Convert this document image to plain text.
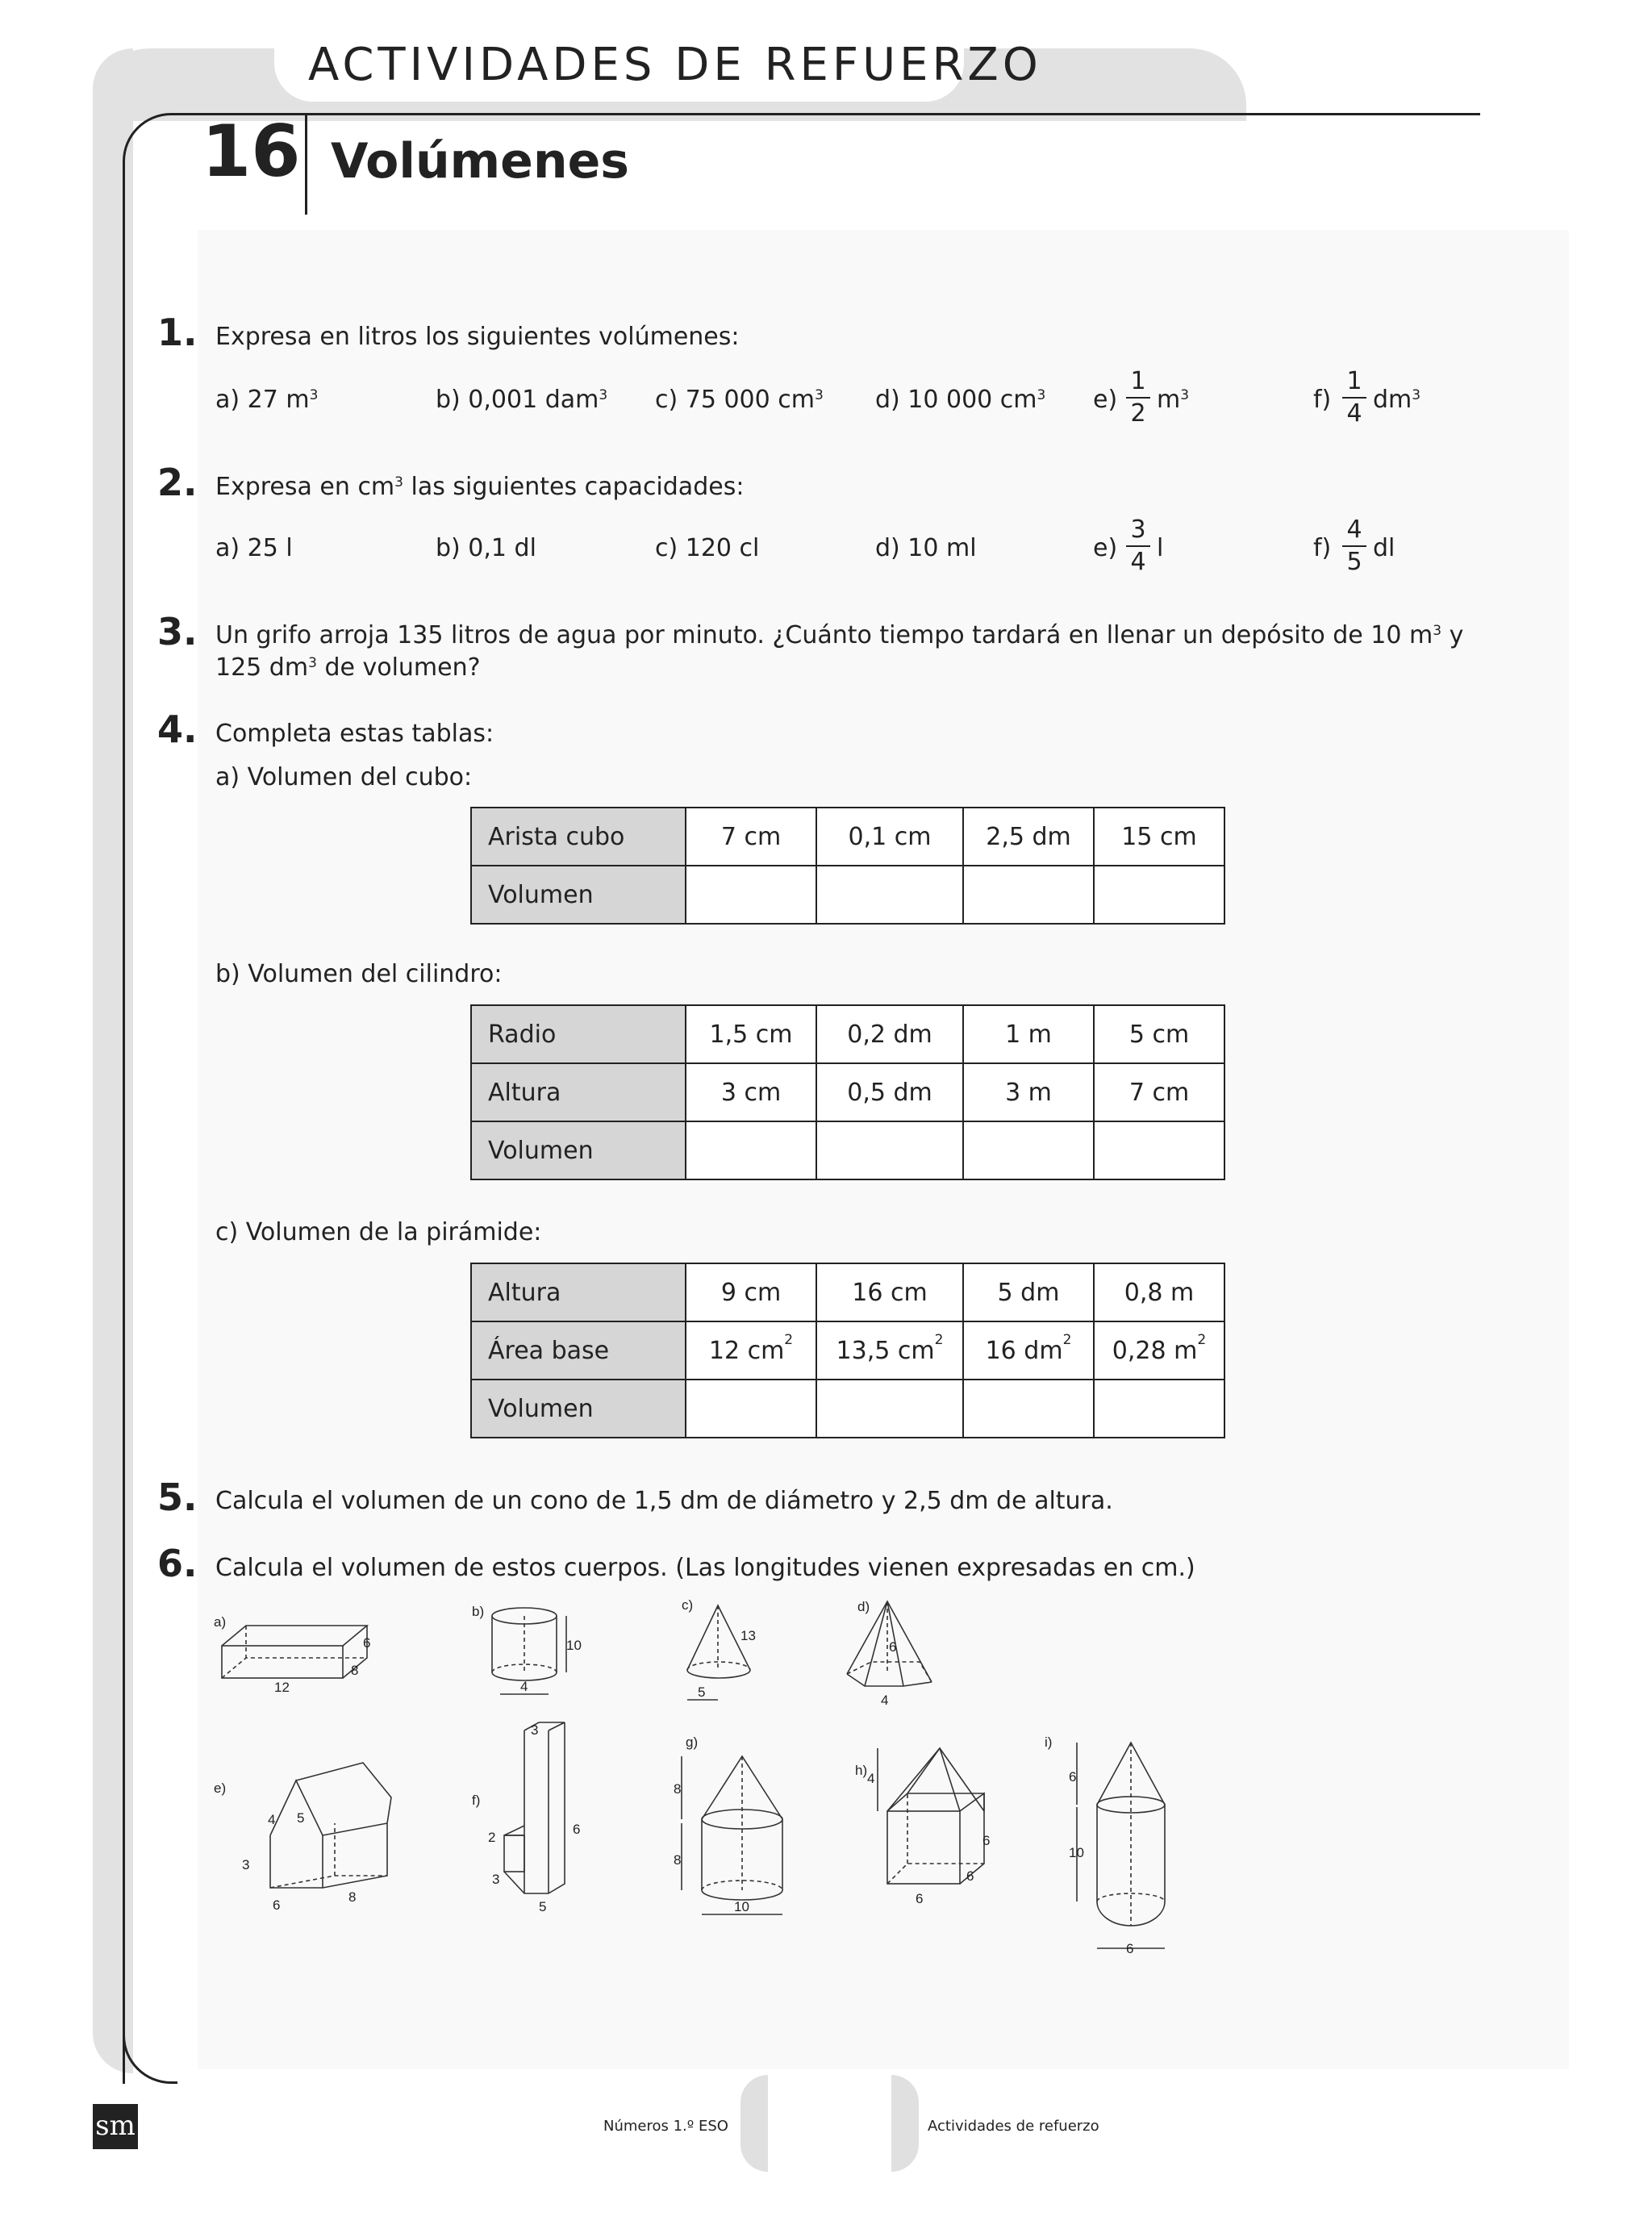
ACTIVIDADES DE REFUERZO
16 Volúmenes
1. Expresa en litros los siguientes volúmenes:
a) 27 $m^3$	b) 0,001 dam$^3$ c) 75 000 $cm^3$ d) 10 000 $cm^3$ $e) \frac{1}{2} m^3$	$f) \frac{1}{4} dm^3$
2. Expresa en $cm^3$ las siguientes capacidades:
a) 25 l	b) 0,1 dl	c) 120 cl	d) 10 ml	$e) \frac{3}{4}$ l	$f) \frac{4}{5}$ dl
3. Un grifo arroja 135 litros de agua por minuto. ¿Cuánto tiempo tardará en llenar un depósito de 10 $m^3$ y
125 $dm^3$ de volumen?
4. Completa estas tablas:
a) Volumen del cubo:
Arista cubo	7 cm	0,1 cm	2,5 dm	15 cm
Volumen				
b) Volumen del cilindro:
Radio	1,5 cm	0,2 dm	1 m	5 cm
Altura	3 cm	0,5 dm	3 m	7 cm
Volumen				
c) Volumen de la pirámide:
Altura	9 cm	16 cm	5 dm	0,8 m
Área base	12 $cm^2$	13,5 $cm^2$	16 $dm^2$	0,28 $m^2$
Volumen				
5. Calcula el volumen de un cono de 1,5 dm de diámetro y 2,5 dm de altura.
6. Calcula el volumen de estos cuerpos. (Las longitudes vienen expresadas en cm.)
a)
6
8
12
b)
10
4
c)
13
5
d)
6
4
e)
4 5
3
6
8
f)
3
2
6
3
5
g)
8
8
10
h)
4
6
6
6
i)
6
10
6
sm	Números 1.º ESO	Actividades de refuerzo
